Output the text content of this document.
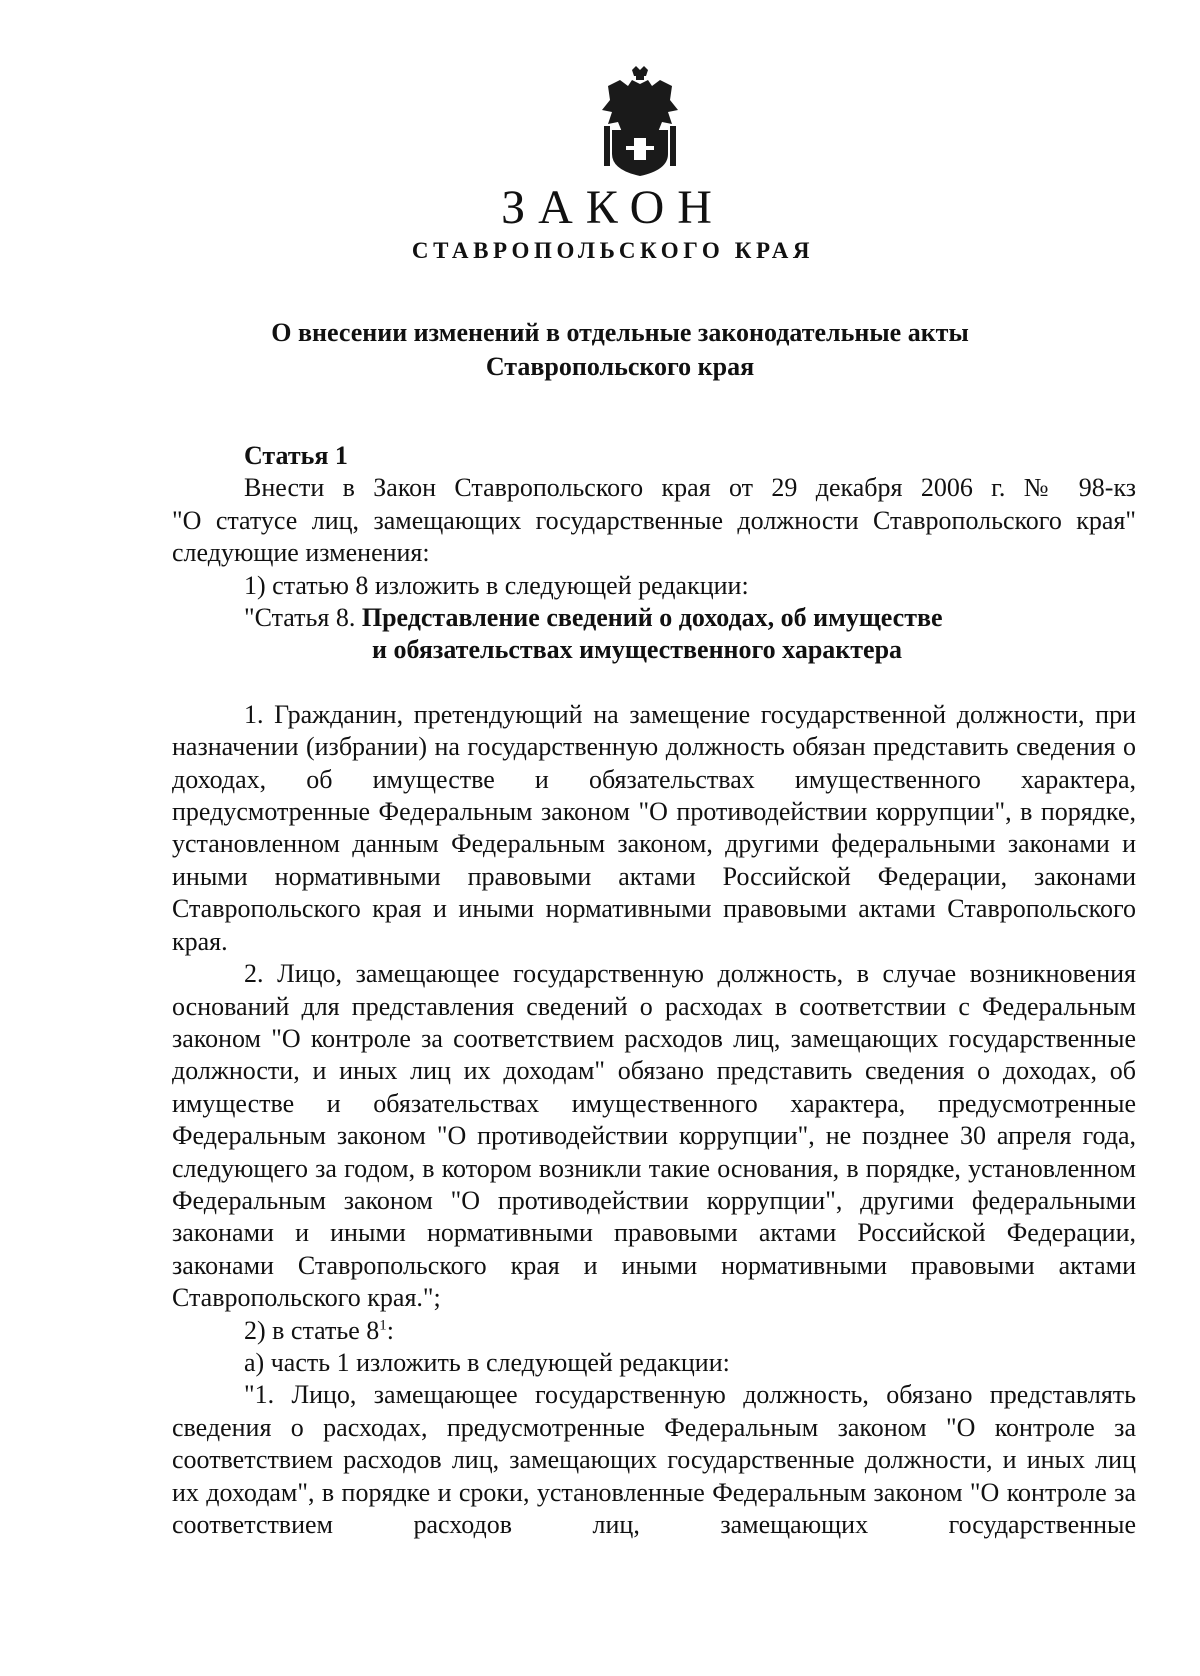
ЗАКОН
СТАВРОПОЛЬСКОГО КРАЯ
О внесении изменений в отдельные законодательные акты
Ставропольского края

Статья 1

Внести в Закон Ставропольского края от 29 декабря 2006 г. № 98-кз

"О статусе лиц, замещающих государственные должности Ставропольского края" следующие изменения:

1) статью 8 изложить в следующей редакции:

"Статья 8. Представление сведений о доходах, об имуществе

и обязательствах имущественного характера

1. Гражданин, претендующий на замещение государственной должности, при назначении (избрании) на государственную должность обязан представить сведения о доходах, об имуществе и обязательствах имущественного характера, предусмотренные Федеральным законом "О противодействии коррупции", в порядке, установленном данным Федеральным законом, другими федеральными законами и иными нормативными правовыми актами Российской Федерации, законами Ставропольского края и иными нормативными правовыми актами Ставропольского края.

2. Лицо, замещающее государственную должность, в случае возникновения оснований для представления сведений о расходах в соответствии с Федеральным законом "О контроле за соответствием расходов лиц, замещающих государственные должности, и иных лиц их доходам" обязано представить сведения о доходах, об имуществе и обязательствах имущественного характера, предусмотренные Федеральным законом "О противодействии коррупции", не позднее 30 апреля года, следующего за годом, в котором возникли такие основания, в порядке, установленном Федеральным законом "О противодействии коррупции", другими федеральными законами и иными нормативными правовыми актами Российской Федерации, законами Ставропольского края и иными нормативными правовыми актами Ставропольского края.";

2) в статье $8^1$:

а) часть 1 изложить в следующей редакции:

"1. Лицо, замещающее государственную должность, обязано представлять сведения о расходах, предусмотренные Федеральным законом "О контроле за соответствием расходов лиц, замещающих государственные должности, и иных лиц их доходам", в порядке и сроки, установленные Федеральным законом "О контроле за соответствием расходов лиц, замещающих государственные
